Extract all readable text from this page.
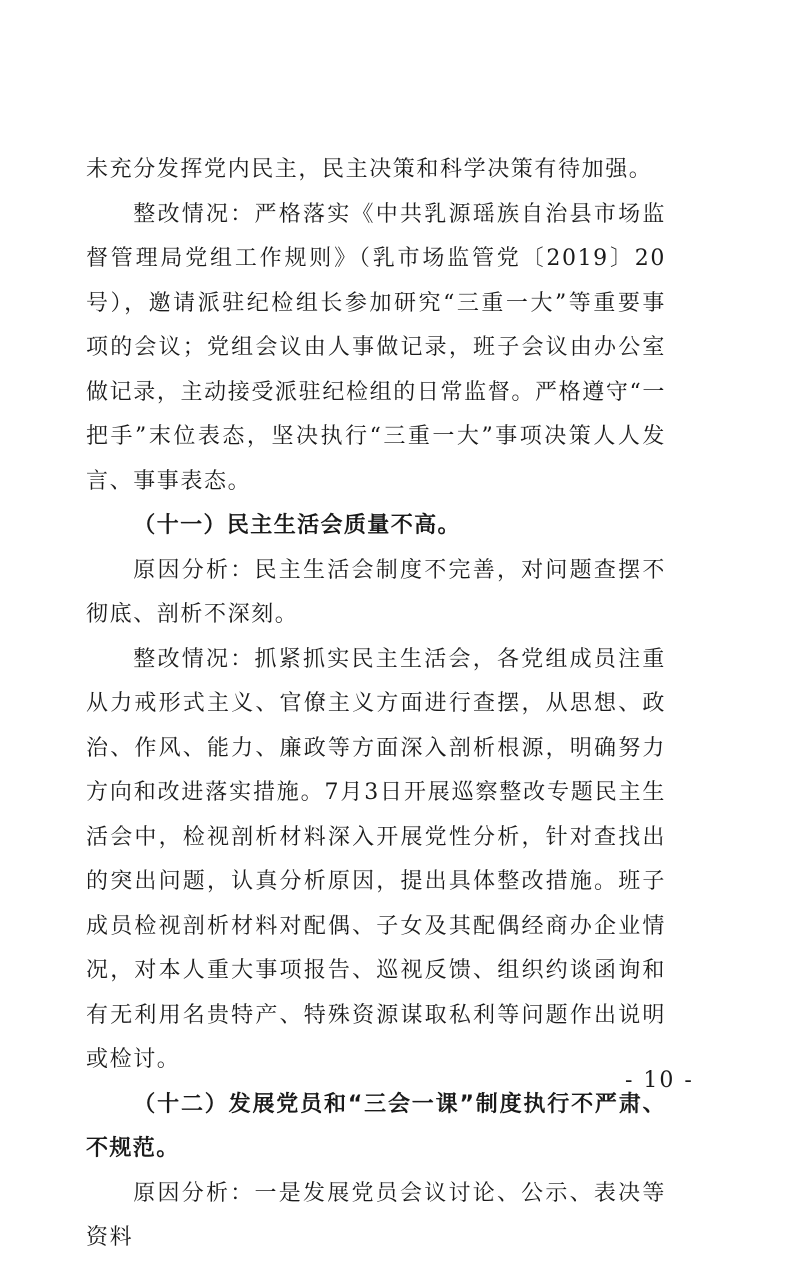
未充分发挥党内民主，民主决策和科学决策有待加强。

整改情况：严格落实《中共乳源瑶族自治县市场监督管理局党组工作规则》（乳市场监管党〔2019〕20号），邀请派驻纪检组长参加研究“三重一大”等重要事项的会议；党组会议由人事做记录，班子会议由办公室做记录，主动接受派驻纪检组的日常监督。严格遵守“一把手”末位表态，坚决执行“三重一大”事项决策人人发言、事事表态。

（十一）民主生活会质量不高。

原因分析：民主生活会制度不完善，对问题查摆不彻底、剖析不深刻。

整改情况：抓紧抓实民主生活会，各党组成员注重从力戒形式主义、官僚主义方面进行查摆，从思想、政治、作风、能力、廉政等方面深入剖析根源，明确努力方向和改进落实措施。7月3日开展巡察整改专题民主生活会中，检视剖析材料深入开展党性分析，针对查找出的突出问题，认真分析原因，提出具体整改措施。班子成员检视剖析材料对配偶、子女及其配偶经商办企业情况，对本人重大事项报告、巡视反馈、组织约谈函询和有无利用名贵特产、特殊资源谋取私利等问题作出说明或检讨。

（十二）发展党员和“三会一课”制度执行不严肃、不规范。

原因分析：一是发展党员会议讨论、公示、表决等资料

- 10 -
